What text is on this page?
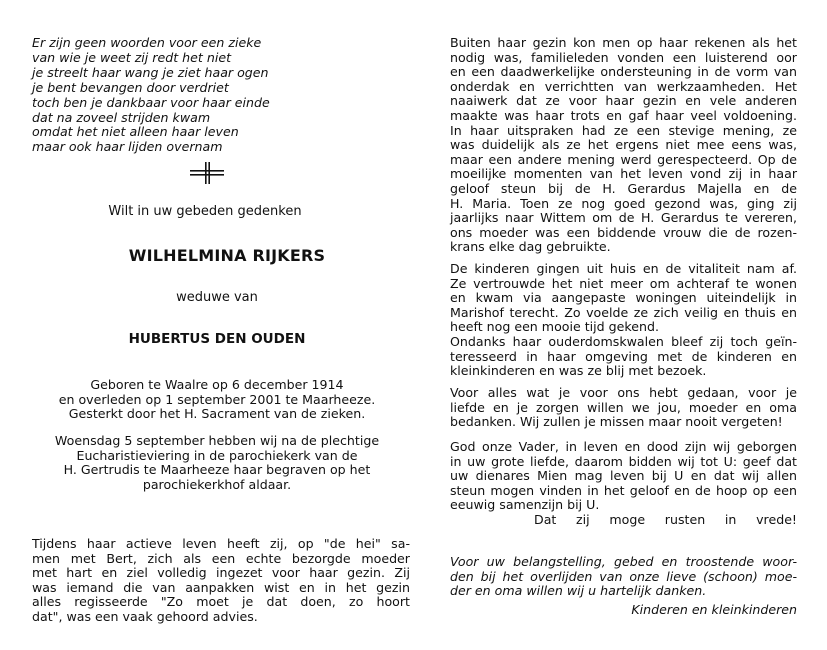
Er zijn geen woorden voor een zieke
van wie je weet zij redt het niet
je streelt haar wang je ziet haar ogen
je bent bevangen door verdriet
toch ben je dankbaar voor haar einde
dat na zoveel strijden kwam
omdat het niet alleen haar leven
maar ook haar lijden overnam
Wilt in uw gebeden gedenken
WILHELMINA RIJKERS
weduwe van
HUBERTUS DEN OUDEN
Geboren te Waalre op 6 december 1914
en overleden op 1 september 2001 te Maarheeze.
Gesterkt door het H. Sacrament van de zieken.
Woensdag 5 september hebben wij na de plechtige
Eucharistieviering in de parochiekerk van de
H. Gertrudis te Maarheeze haar begraven op het
parochiekerkhof aldaar.
Tijdens haar actieve leven heeft zij, op "de hei" sa-
men met Bert, zich als een echte bezorgde moeder
met hart en ziel volledig ingezet voor haar gezin. Zij
was iemand die van aanpakken wist en in het gezin
alles regisseerde "Zo moet je dat doen, zo hoort
dat", was een vaak gehoord advies.
Buiten haar gezin kon men op haar rekenen als het
nodig was, familieleden vonden een luisterend oor
en een daadwerkelijke ondersteuning in de vorm van
onderdak en verrichtten van werkzaamheden. Het
naaiwerk dat ze voor haar gezin en vele anderen
maakte was haar trots en gaf haar veel voldoening.
In haar uitspraken had ze een stevige mening, ze
was duidelijk als ze het ergens niet mee eens was,
maar een andere mening werd gerespecteerd. Op de
moeilijke momenten van het leven vond zij in haar
geloof steun bij de H. Gerardus Majella en de
H. Maria. Toen ze nog goed gezond was, ging zij
jaarlijks naar Wittem om de H. Gerardus te vereren,
ons moeder was een biddende vrouw die de rozen-
krans elke dag gebruikte.
De kinderen gingen uit huis en de vitaliteit nam af.
Ze vertrouwde het niet meer om achteraf te wonen
en kwam via aangepaste woningen uiteindelijk in
Marishof terecht. Zo voelde ze zich veilig en thuis en
heeft nog een mooie tijd gekend.
Ondanks haar ouderdomskwalen bleef zij toch geïn-
teresseerd in haar omgeving met de kinderen en
kleinkinderen en was ze blij met bezoek.
Voor alles wat je voor ons hebt gedaan, voor je
liefde en je zorgen willen we jou, moeder en oma
bedanken. Wij zullen je missen maar nooit vergeten!
God onze Vader, in leven en dood zijn wij geborgen
in uw grote liefde, daarom bidden wij tot U: geef dat
uw dienares Mien mag leven bij U en dat wij allen
steun mogen vinden in het geloof en de hoop op een
eeuwig samenzijn bij U.
Dat zij moge rusten in vrede!
Voor uw belangstelling, gebed en troostende woor-
den bij het overlijden van onze lieve (schoon) moe-
der en oma willen wij u hartelijk danken.
Kinderen en kleinkinderen
